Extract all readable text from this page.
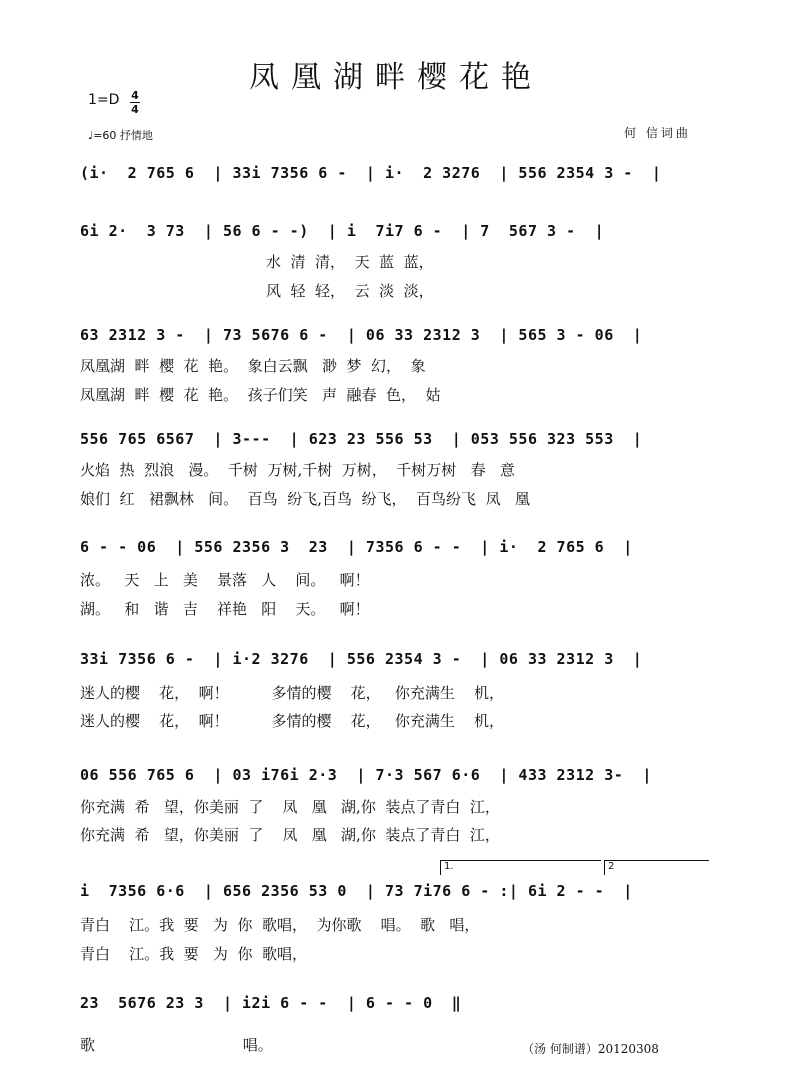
凤凰湖畔樱花艳
1=D 4
4
♩=60 抒情地	何 信词曲
(i·  2 765 6  | 33i 7356 6 -  | i·  2 3276  | 556 2354 3 -  |
6i 2·  3 73  | 56 6 - -)  | i  7i7 6 -  | 7  567 3 -  |
水  清  清，  天  蓝  蓝，
风  轻  轻，  云  淡  淡，
63 2312 3 -  | 73 5676 6 -  | 06 33 2312 3  | 565 3 - 06  |
凤凰湖  畔  樱  花  艳。  象白云飘   渺  梦  幻，  象
凤凰湖  畔  樱  花  艳。  孩子们笑   声  融春  色，  姑
556 765 6567  | 3---  | 623 23 556 53  | 053 556 323 553  |
火焰  热  烈浪   漫。  千树  万树,千树  万树，  千树万树   春   意
娘们  红   裙飘林   间。  百鸟  纷飞,百鸟  纷飞，  百鸟纷飞  凤   凰
6 - - 06  | 556 2356 3  23  | 7356 6 - -  | i·  2 765 6  |
浓。   天   上   美    景落   人    间。   啊！
湖。   和   谐   吉    祥艳   阳    天。   啊！
33i 7356 6 -  | i·2 3276  | 556 2354 3 -  | 06 33 2312 3  |
迷人的樱    花，  啊！         多情的樱    花，   你充满生    机，
迷人的樱    花，  啊！         多情的樱    花，   你充满生    机，
06 556 765 6  | 03 i76i 2·3  | 7·3 567 6·6  | 433 2312 3-  |
你充满  希   望，你美丽  了    凤   凰   湖,你  装点了青白  江，
你充满  希   望，你美丽  了    凤   凰   湖,你  装点了青白  江，
1.	2
i  7356 6·6  | 656 2356 53 0  | 73 7i76 6 - :| 6i 2 - -  |
青白    江。我  要   为  你  歌唱，  为你歌    唱。  歌   唱，
青白    江。我  要   为  你  歌唱，
23  5676 23 3  | i2i 6 - -  | 6 - - 0  ‖
歌                               唱。	（汤 何制谱）20120308
